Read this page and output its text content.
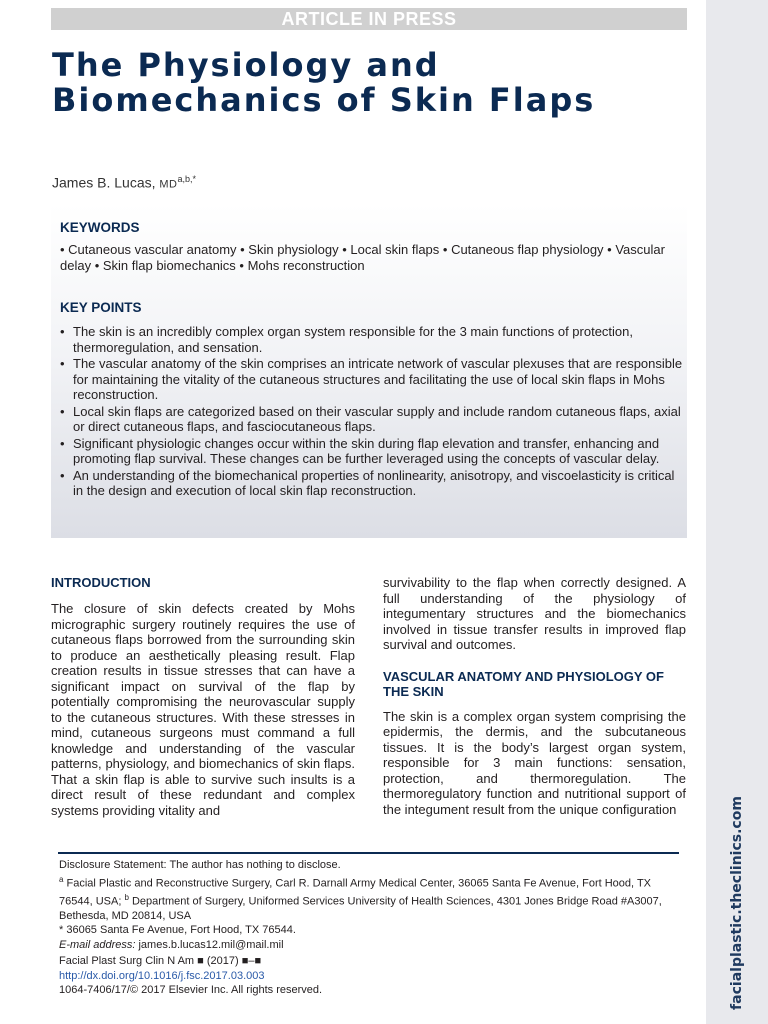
ARTICLE IN PRESS
facialplastic.theclinics.com
The Physiology and Biomechanics of Skin Flaps
James B. Lucas, $MD^{a,b,*}$
KEYWORDS
• Cutaneous vascular anatomy • Skin physiology • Local skin flaps • Cutaneous flap physiology • Vascular delay • Skin flap biomechanics • Mohs reconstruction
KEY POINTS
• The skin is an incredibly complex organ system responsible for the 3 main functions of protection, thermoregulation, and sensation.
• The vascular anatomy of the skin comprises an intricate network of vascular plexuses that are responsible for maintaining the vitality of the cutaneous structures and facilitating the use of local skin flaps in Mohs reconstruction.
• Local skin flaps are categorized based on their vascular supply and include random cutaneous flaps, axial or direct cutaneous flaps, and fasciocutaneous flaps.
• Significant physiologic changes occur within the skin during flap elevation and transfer, enhancing and promoting flap survival. These changes can be further leveraged using the concepts of vascular delay.
• An understanding of the biomechanical properties of nonlinearity, anisotropy, and viscoelasticity is critical in the design and execution of local skin flap reconstruction.
INTRODUCTION

The closure of skin defects created by Mohs micrographic surgery routinely requires the use of cutaneous flaps borrowed from the surrounding skin to produce an aesthetically pleasing result. Flap creation results in tissue stresses that can have a significant impact on survival of the flap by potentially compromising the neurovascular supply to the cutaneous structures. With these stresses in mind, cutaneous surgeons must command a full knowledge and understanding of the vascular patterns, physiology, and biomechanics of skin flaps. That a skin flap is able to survive such insults is a direct result of these redundant and complex systems providing vitality and

survivability to the flap when correctly designed. A full understanding of the physiology of integumentary structures and the biomechanics involved in tissue transfer results in improved flap survival and outcomes.

VASCULAR ANATOMY AND PHYSIOLOGY OF THE SKIN

The skin is a complex organ system comprising the epidermis, the dermis, and the subcutaneous tissues. It is the body’s largest organ system, responsible for 3 main functions: sensation, protection, and thermoregulation. The thermoregulatory function and nutritional support of the integument result from the unique configuration

Disclosure Statement: The author has nothing to disclose.

$^a$ Facial Plastic and Reconstructive Surgery, Carl R. Darnall Army Medical Center, 36065 Santa Fe Avenue, Fort Hood, TX 76544, USA; $^b$ Department of Surgery, Uniformed Services University of Health Sciences, 4301 Jones Bridge Road #A3007, Bethesda, MD 20814, USA

* 36065 Santa Fe Avenue, Fort Hood, TX 76544.

E-mail address: james.b.lucas12.mil@mail.mil

Facial Plast Surg Clin N Am ■ (2017) ■–■

http://dx.doi.org/10.1016/j.fsc.2017.03.003

1064-7406/17/© 2017 Elsevier Inc. All rights reserved.
